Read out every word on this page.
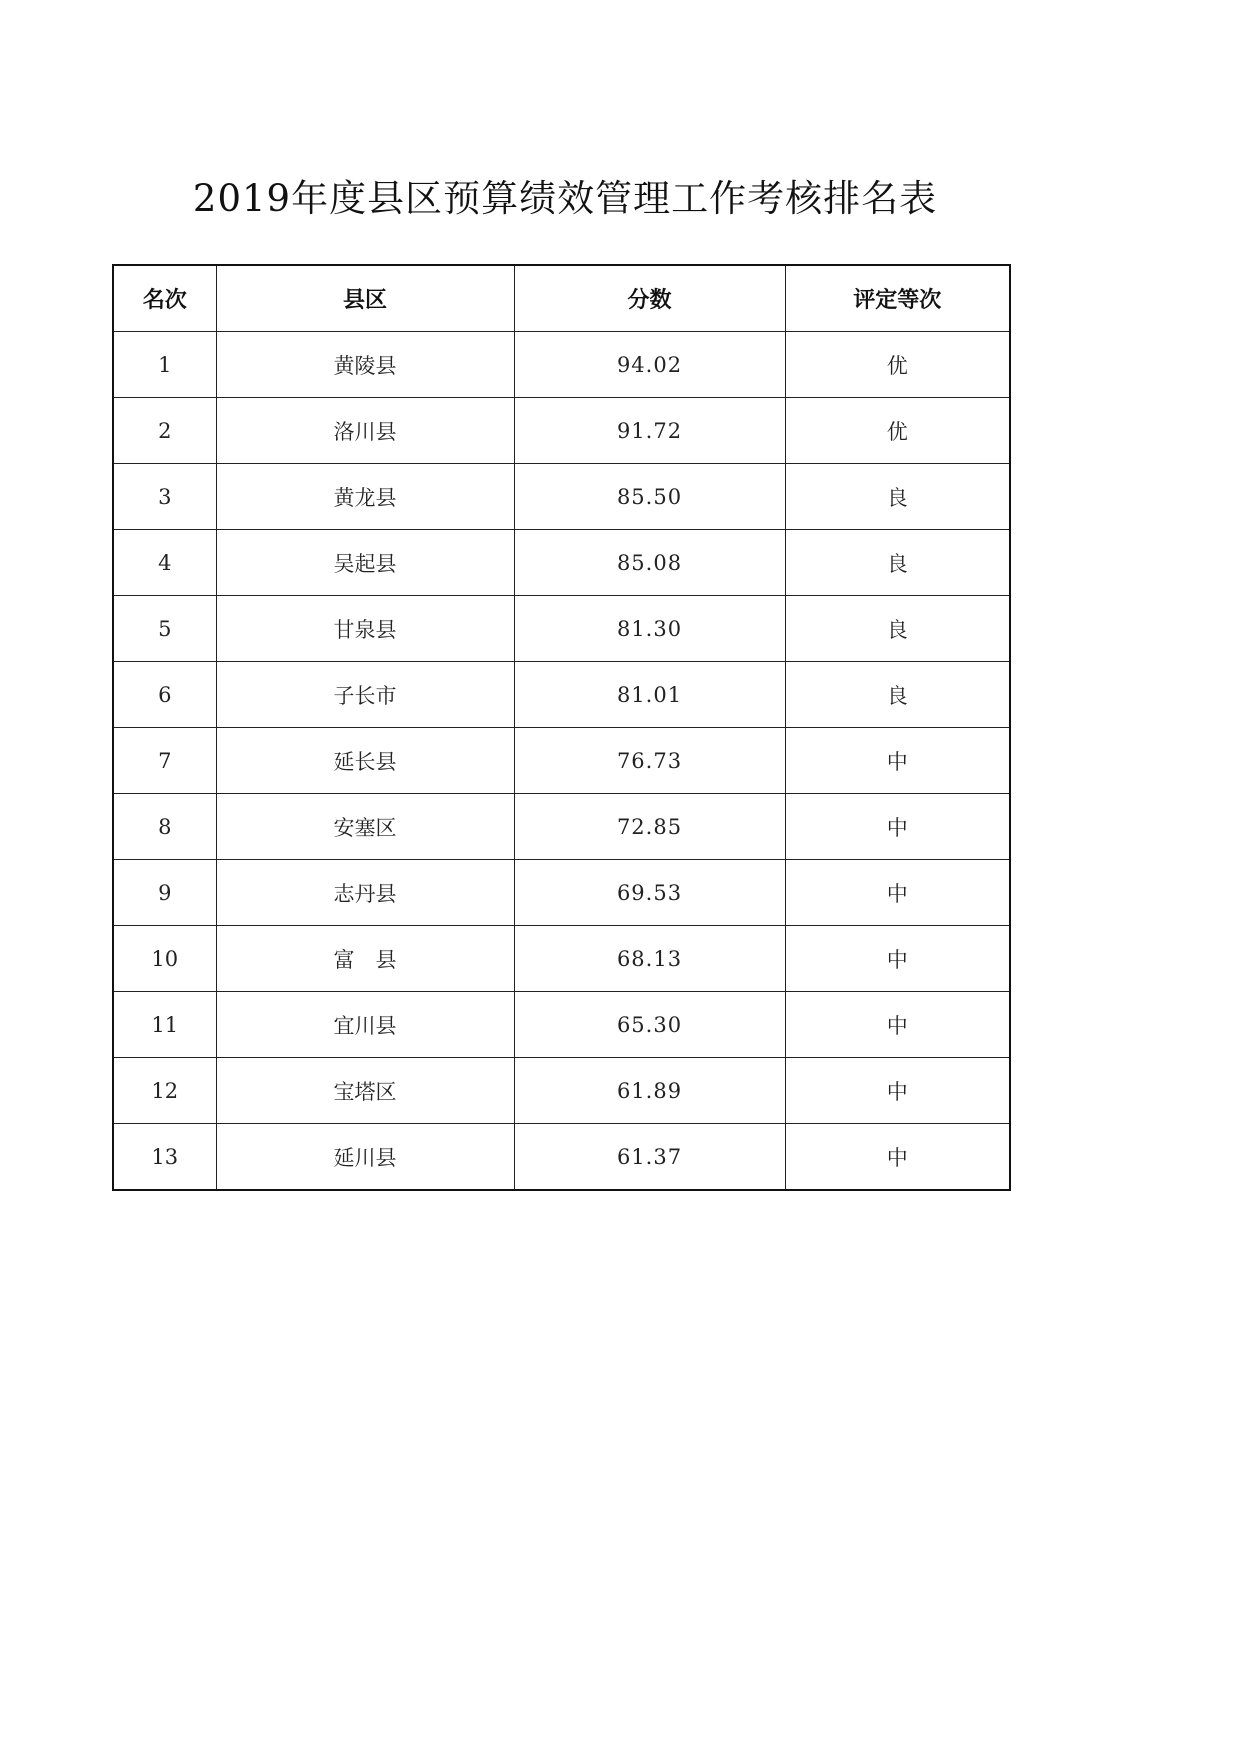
2019年度县区预算绩效管理工作考核排名表
名次	县区	分数	评定等次
1	黄陵县	94.02	优
2	洛川县	91.72	优
3	黄龙县	85.50	良
4	吴起县	85.08	良
5	甘泉县	81.30	良
6	子长市	81.01	良
7	延长县	76.73	中
8	安塞区	72.85	中
9	志丹县	69.53	中
10	富　县	68.13	中
11	宜川县	65.30	中
12	宝塔区	61.89	中
13	延川县	61.37	中
